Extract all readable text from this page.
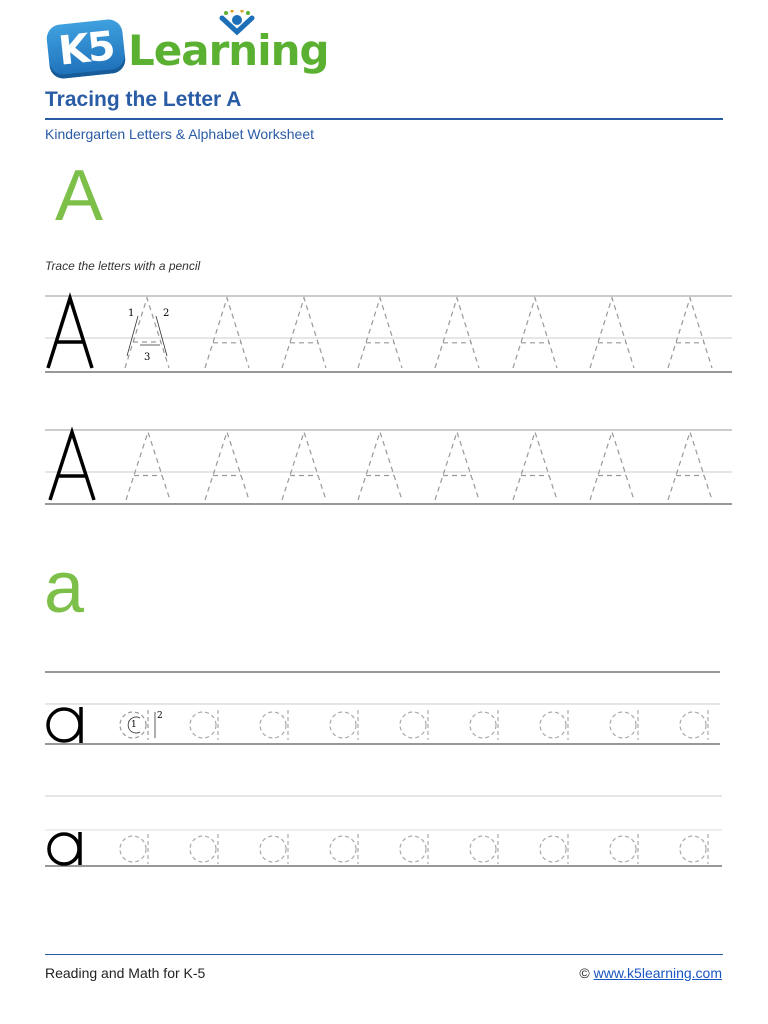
K5 Learning
Tracing the Letter A
Kindergarten Letters & Alphabet Worksheet
A
Trace the letters with a pencil
1	2
3
a
1
2
Reading and Math for K-5	© www.k5learning.com
